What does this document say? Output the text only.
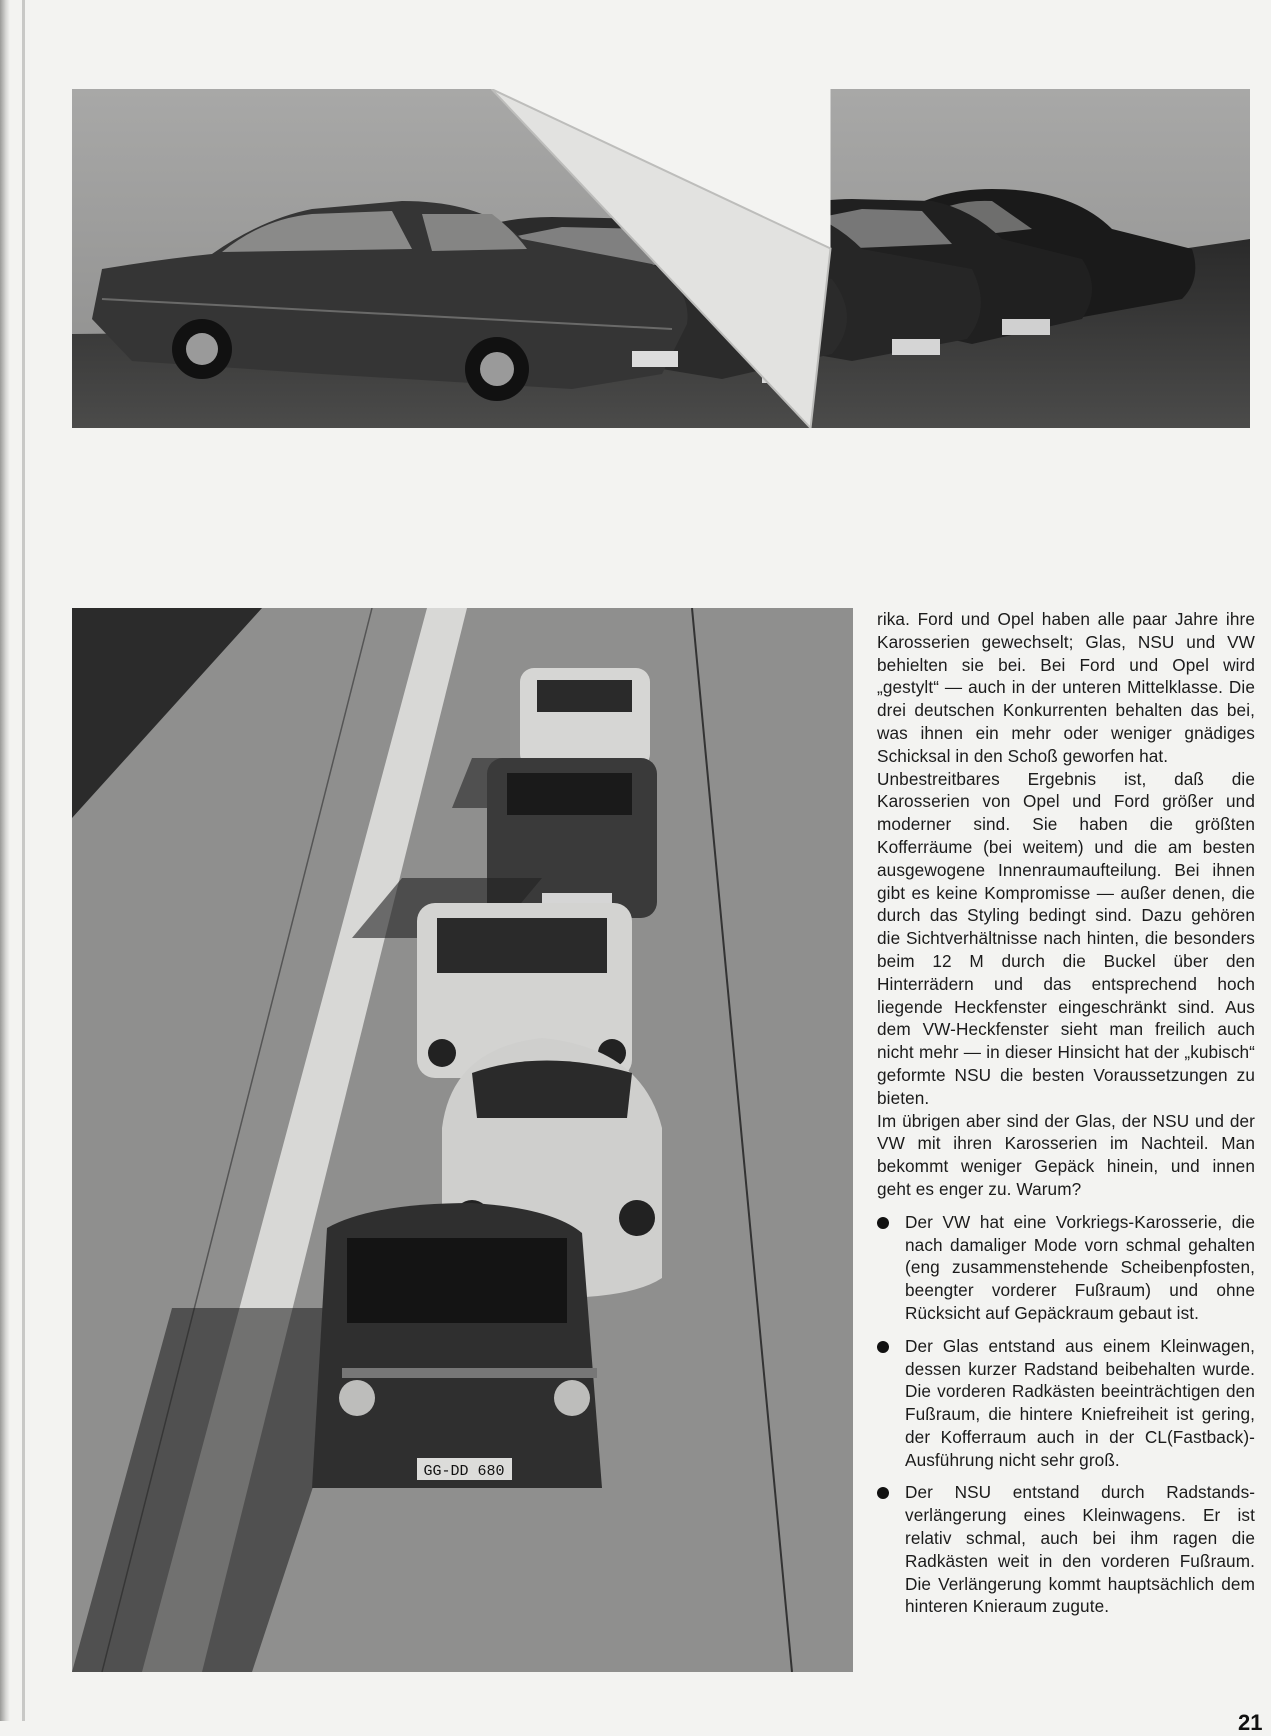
GG-DD 680

rika. Ford und Opel haben alle paar Jahre ihre Karosserien gewechselt; Glas, NSU und VW behielten sie bei. Bei Ford und Opel wird „gestylt“ — auch in der unteren Mittelklasse. Die drei deutschen Konkurrenten behalten das bei, was ihnen ein mehr oder weniger gnädiges Schicksal in den Schoß geworfen hat.

Unbestreitbares Ergebnis ist, daß die Karosserien von Opel und Ford größer und moderner sind. Sie haben die größten Kofferräume (bei weitem) und die am besten ausgewogene Innenraumaufteilung. Bei ihnen gibt es keine Kompromisse — außer denen, die durch das Styling bedingt sind. Dazu gehören die Sichtverhältnisse nach hinten, die besonders beim 12 M durch die Buckel über den Hinterrädern und das entsprechend hoch liegende Heckfenster eingeschränkt sind. Aus dem VW-Heckfenster sieht man freilich auch nicht mehr — in dieser Hinsicht hat der „kubisch“ geformte NSU die besten Voraussetzungen zu bieten.

Im übrigen aber sind der Glas, der NSU und der VW mit ihren Karosserien im Nachteil. Man bekommt weniger Gepäck hinein, und innen geht es enger zu. Warum?

Der VW hat eine Vorkriegs-Karosserie, die nach damaliger Mode vorn schmal gehalten (eng zusammenstehende Scheibenpfosten, beengter vorderer Fußraum) und ohne Rücksicht auf Gepäckraum gebaut ist.
Der Glas entstand aus einem Kleinwagen, dessen kurzer Radstand beibehalten wurde. Die vorderen Radkästen beeinträchtigen den Fußraum, die hintere Kniefreiheit ist gering, der Kofferraum auch in der CL(Fastback)-Ausführung nicht sehr groß.
Der NSU entstand durch Radstandsverlängerung eines Kleinwagens. Er ist relativ schmal, auch bei ihm ragen die Radkästen weit in den vorderen Fußraum. Die Verlängerung kommt hauptsächlich dem hinteren Knieraum zugute.
21
